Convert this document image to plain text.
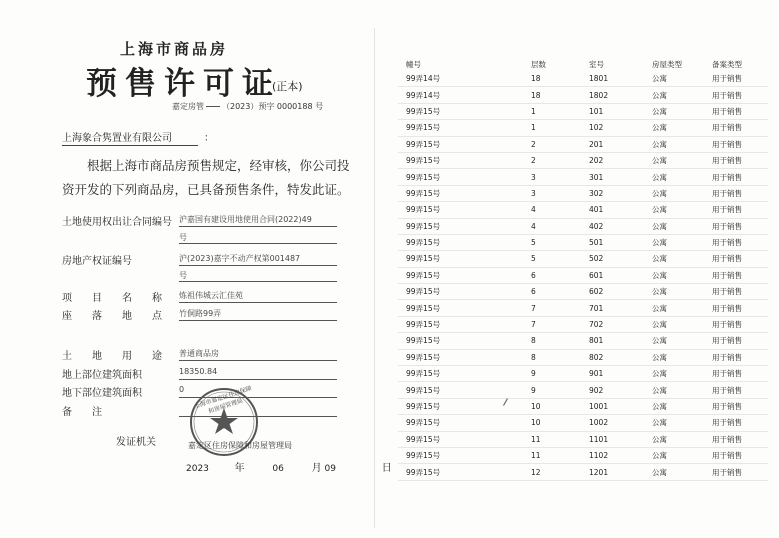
上海市商品房
预售许可证
(正本)
嘉定房管 （2023）预字 0000188 号
上海象合隽置业有限公司	：
根据上海市商品房预售规定，经审核，你公司投资开发的下列商品房，已具备预售条件，特发此证。
土地使用权出让合同编号 沪嘉国有建设用地使用合同(2022)49
号
房地产权证编号	沪(2023)嘉字不动产权第001487
号
项　　目　　名　　称 炼祖伟城云汇佳苑
座　　落　　地　　点 竹侗路99弄
土　　地　　用　　途 普通商品房
地上部位建筑面积	18350.84
地下部位建筑面积	0
备　　注
上海市嘉定区住房保障和房屋管理局
发证机关	嘉定区住房保障和房屋管理局
2023	年	06	月 09	日
幢号	层数	室号	房屋类型	备案类型
99弄14号	18	1801	公寓	用于销售
99弄14号	18	1802	公寓	用于销售
99弄15号	1	101	公寓	用于销售
99弄15号	1	102	公寓	用于销售
99弄15号	2	201	公寓	用于销售
99弄15号	2	202	公寓	用于销售
99弄15号	3	301	公寓	用于销售
99弄15号	3	302	公寓	用于销售
99弄15号	4	401	公寓	用于销售
99弄15号	4	402	公寓	用于销售
99弄15号	5	501	公寓	用于销售
99弄15号	5	502	公寓	用于销售
99弄15号	6	601	公寓	用于销售
99弄15号	6	602	公寓	用于销售
99弄15号	7	701	公寓	用于销售
99弄15号	7	702	公寓	用于销售
99弄15号	8	801	公寓	用于销售
99弄15号	8	802	公寓	用于销售
99弄15号	9	901	公寓	用于销售
99弄15号	9	902	公寓	用于销售
99弄15号	10	1001	公寓	用于销售
99弄15号	10	1002	公寓	用于销售
99弄15号	11	1101	公寓	用于销售
99弄15号	11	1102	公寓	用于销售
99弄15号	12	1201	公寓	用于销售
